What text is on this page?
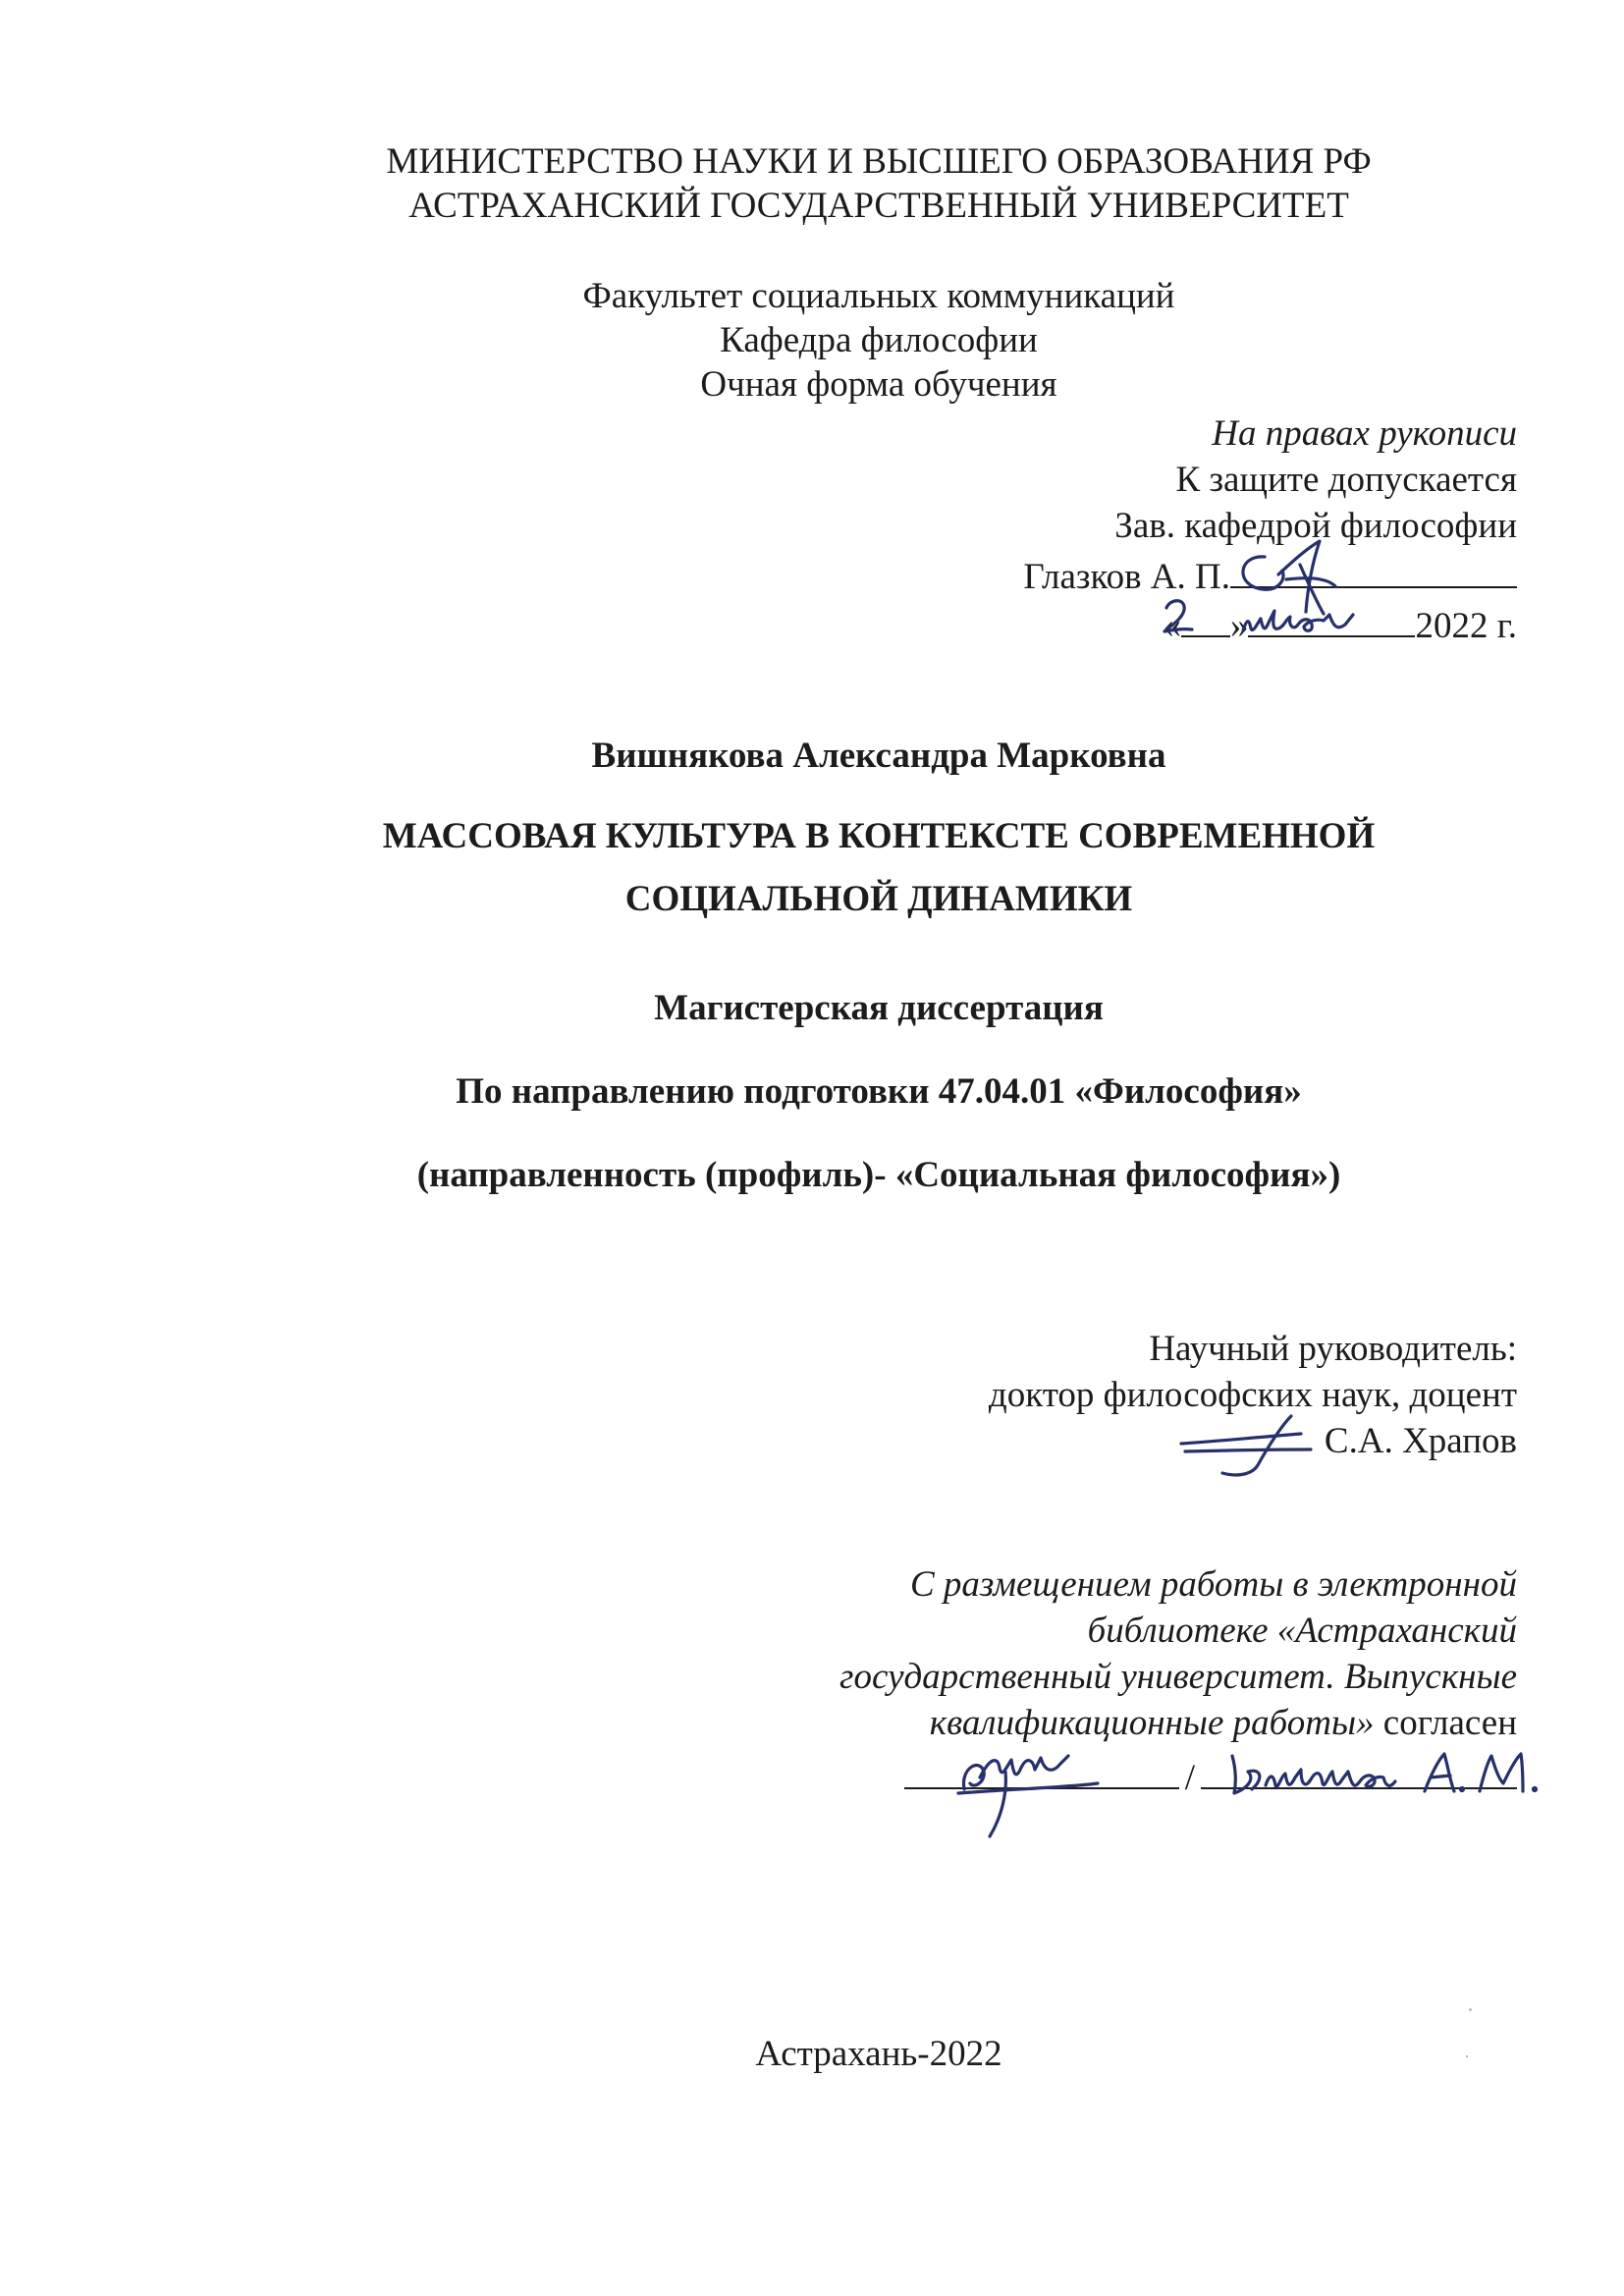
МИНИСТЕРСТВО НАУКИ И ВЫСШЕГО ОБРАЗОВАНИЯ РФ
АСТРАХАНСКИЙ ГОСУДАРСТВЕННЫЙ УНИВЕРСИТЕТ
Факультет социальных коммуникаций
Кафедра философии
Очная форма обучения
На правах рукописи
К защите допускается
Зав. кафедрой философии
Глазков А. П.
« »	2022 г.
Вишнякова Александра Марковна
МАССОВАЯ КУЛЬТУРА В КОНТЕКСТЕ СОВРЕМЕННОЙ
СОЦИАЛЬНОЙ ДИНАМИКИ
Магистерская диссертация
По направлению подготовки 47.04.01 «Философия»
(направленность (профиль)- «Социальная философия»)
Научный руководитель:
доктор философских наук, доцент
С.А. Храпов
С размещением работы в электронной
библиотеке «Астраханский
государственный университет. Выпускные
квалификационные работы» согласен
/
Астрахань-2022
